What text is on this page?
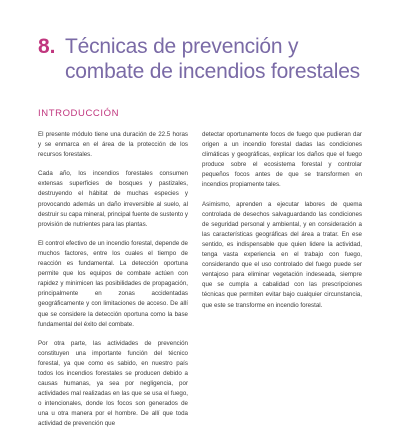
8. Técnicas de prevención y
combate de incendios forestales
INTRODUCCIÓN

El presente módulo tiene una duración de 22.5 horas y se enmarca en el área de la protección de los recursos forestales.

Cada año, los incendios forestales consumen extensas superficies de bosques y pastizales, destruyendo el hábitat de muchas especies y provocando además un daño irreversible al suelo, al destruir su capa mineral, principal fuente de sustento y provisión de nutrientes para las plantas.

El control efectivo de un incendio forestal, depende de muchos factores, entre los cuales el tiempo de reacción es fundamental. La detección oportuna permite que los equipos de combate actúen con rapidez y minimicen las posibilidades de propagación, principalmente en zonas accidentadas geográficamente y con limitaciones de acceso. De allí que se considere la detección oportuna como la base fundamental del éxito del combate.

Por otra parte, las actividades de prevención constituyen una importante función del técnico forestal, ya que como es sabido, en nuestro país todos los incendios forestales se producen debido a causas humanas, ya sea por negligencia, por actividades mal realizadas en las que se usa el fuego, o intencionales, donde los focos son generados de una u otra manera por el hombre. De allí que toda actividad de prevención que

detectar oportunamente focos de fuego que pudieran dar origen a un incendio forestal dadas las condiciones climáticas y geográficas, explicar los daños que el fuego produce sobre el ecosistema forestal y controlar pequeños focos antes de que se transformen en incendios propiamente tales.

Asimismo, aprenden a ejecutar labores de quema controlada de desechos salvaguardando las condiciones de seguridad personal y ambiental, y en consideración a las características geográficas del área a tratar. En ese sentido, es indispensable que quien lidere la actividad, tenga vasta experiencia en el trabajo con fuego, considerando que el uso controlado del fuego puede ser ventajoso para eliminar vegetación indeseada, siempre que se cumpla a cabalidad con las prescripciones técnicas que permiten evitar bajo cualquier circunstancia, que este se transforme en incendio forestal.
